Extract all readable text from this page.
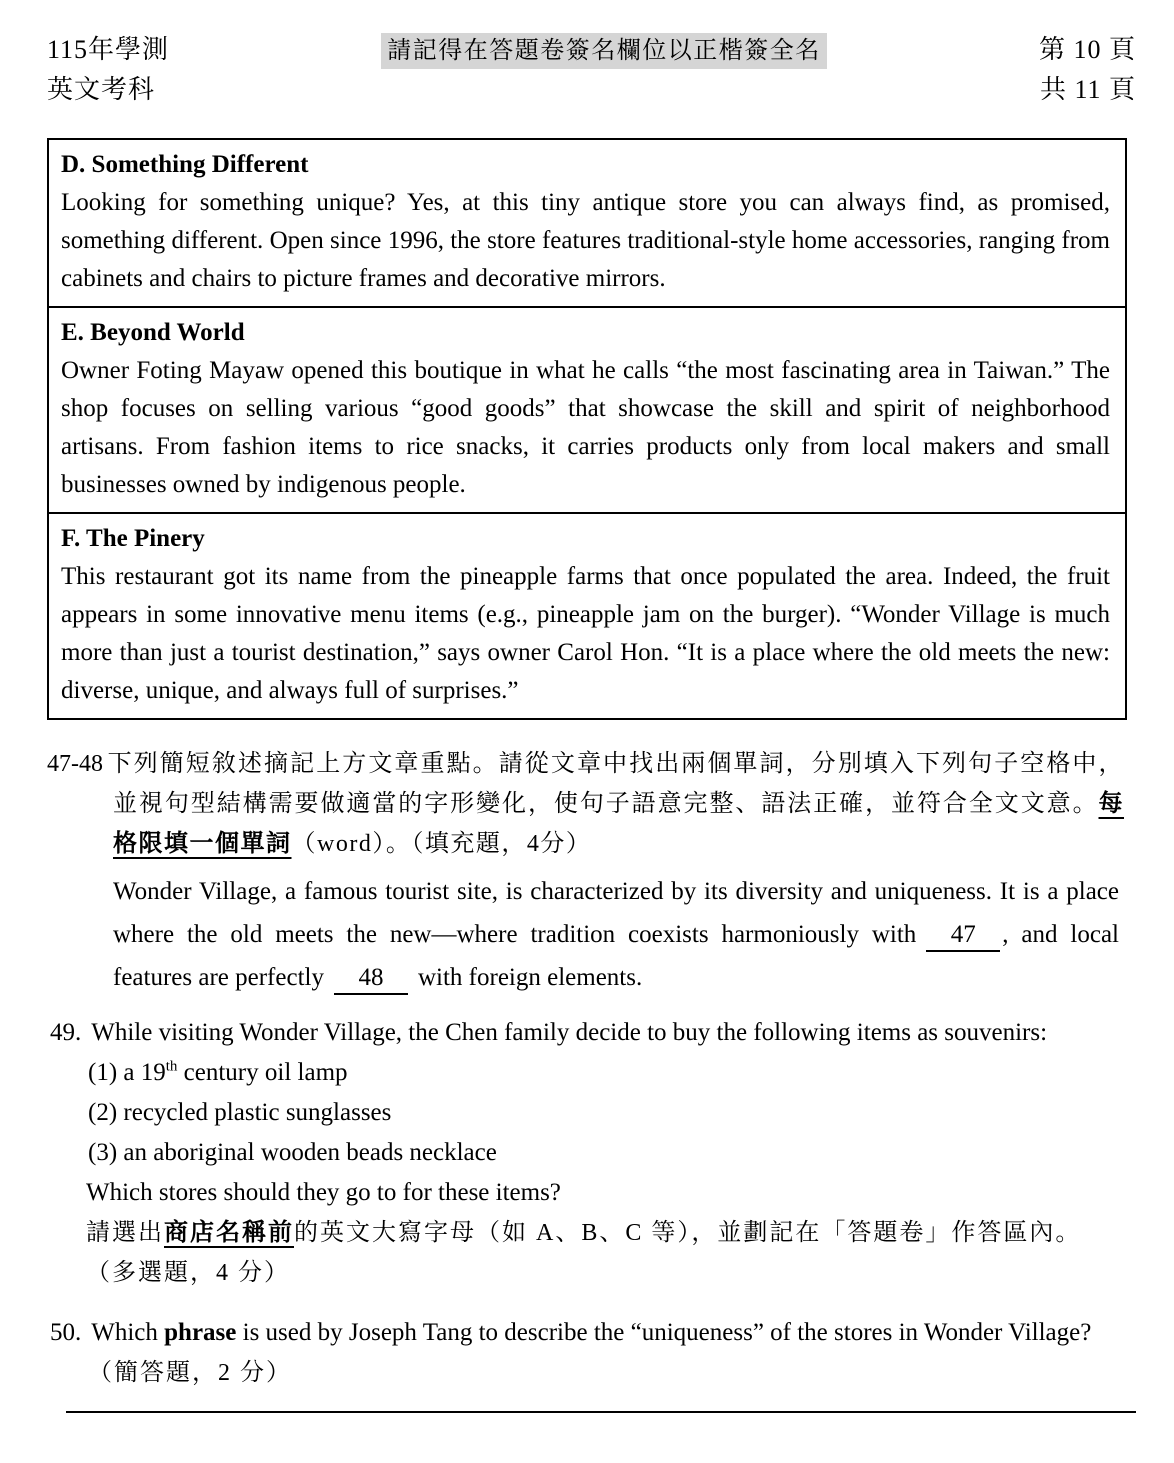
115年學測
英文考科
請記得在答題卷簽名欄位以正楷簽全名	第 10 頁
共 11 頁
D. Something Different

Looking for something unique? Yes, at this tiny antique store you can always find, as promised, something different. Open since 1996, the store features traditional-style home accessories, ranging from cabinets and chairs to picture frames and decorative mirrors.

E. Beyond World

Owner Foting Mayaw opened this boutique in what he calls “the most fascinating area in Taiwan.” The shop focuses on selling various “good goods” that showcase the skill and spirit of neighborhood artisans. From fashion items to rice snacks, it carries products only from local makers and small businesses owned by indigenous people.

F. The Pinery

This restaurant got its name from the pineapple farms that once populated the area. Indeed, the fruit appears in some innovative menu items (e.g., pineapple jam on the burger). “Wonder Village is much more than just a tourist destination,” says owner Carol Hon. “It is a place where the old meets the new: diverse, unique, and always full of surprises.”

47-48 下列簡短敘述摘記上方文章重點。請從文章中找出兩個單詞，分別填入下列句子空格中，並視句型結構需要做適當的字形變化，使句子語意完整、語法正確，並符合全文文意。每格限填一個單詞（word）。（填充題，4分）

Wonder Village, a famous tourist site, is characterized by its diversity and uniqueness. It is a place where the old meets the new—where tradition coexists harmoniously with 47 , and local features are perfectly 48 with foreign elements.

49. While visiting Wonder Village, the Chen family decide to buy the following items as souvenirs:

(1) a 19th century oil lamp

(2) recycled plastic sunglasses

(3) an aboriginal wooden beads necklace

Which stores should they go to for these items?

請選出商店名稱前的英文大寫字母（如 A、B、C 等），並劃記在「答題卷」作答區內。

（多選題，4 分）

50. Which phrase is used by Joseph Tang to describe the “uniqueness” of the stores in Wonder Village?

（簡答題，2 分）
